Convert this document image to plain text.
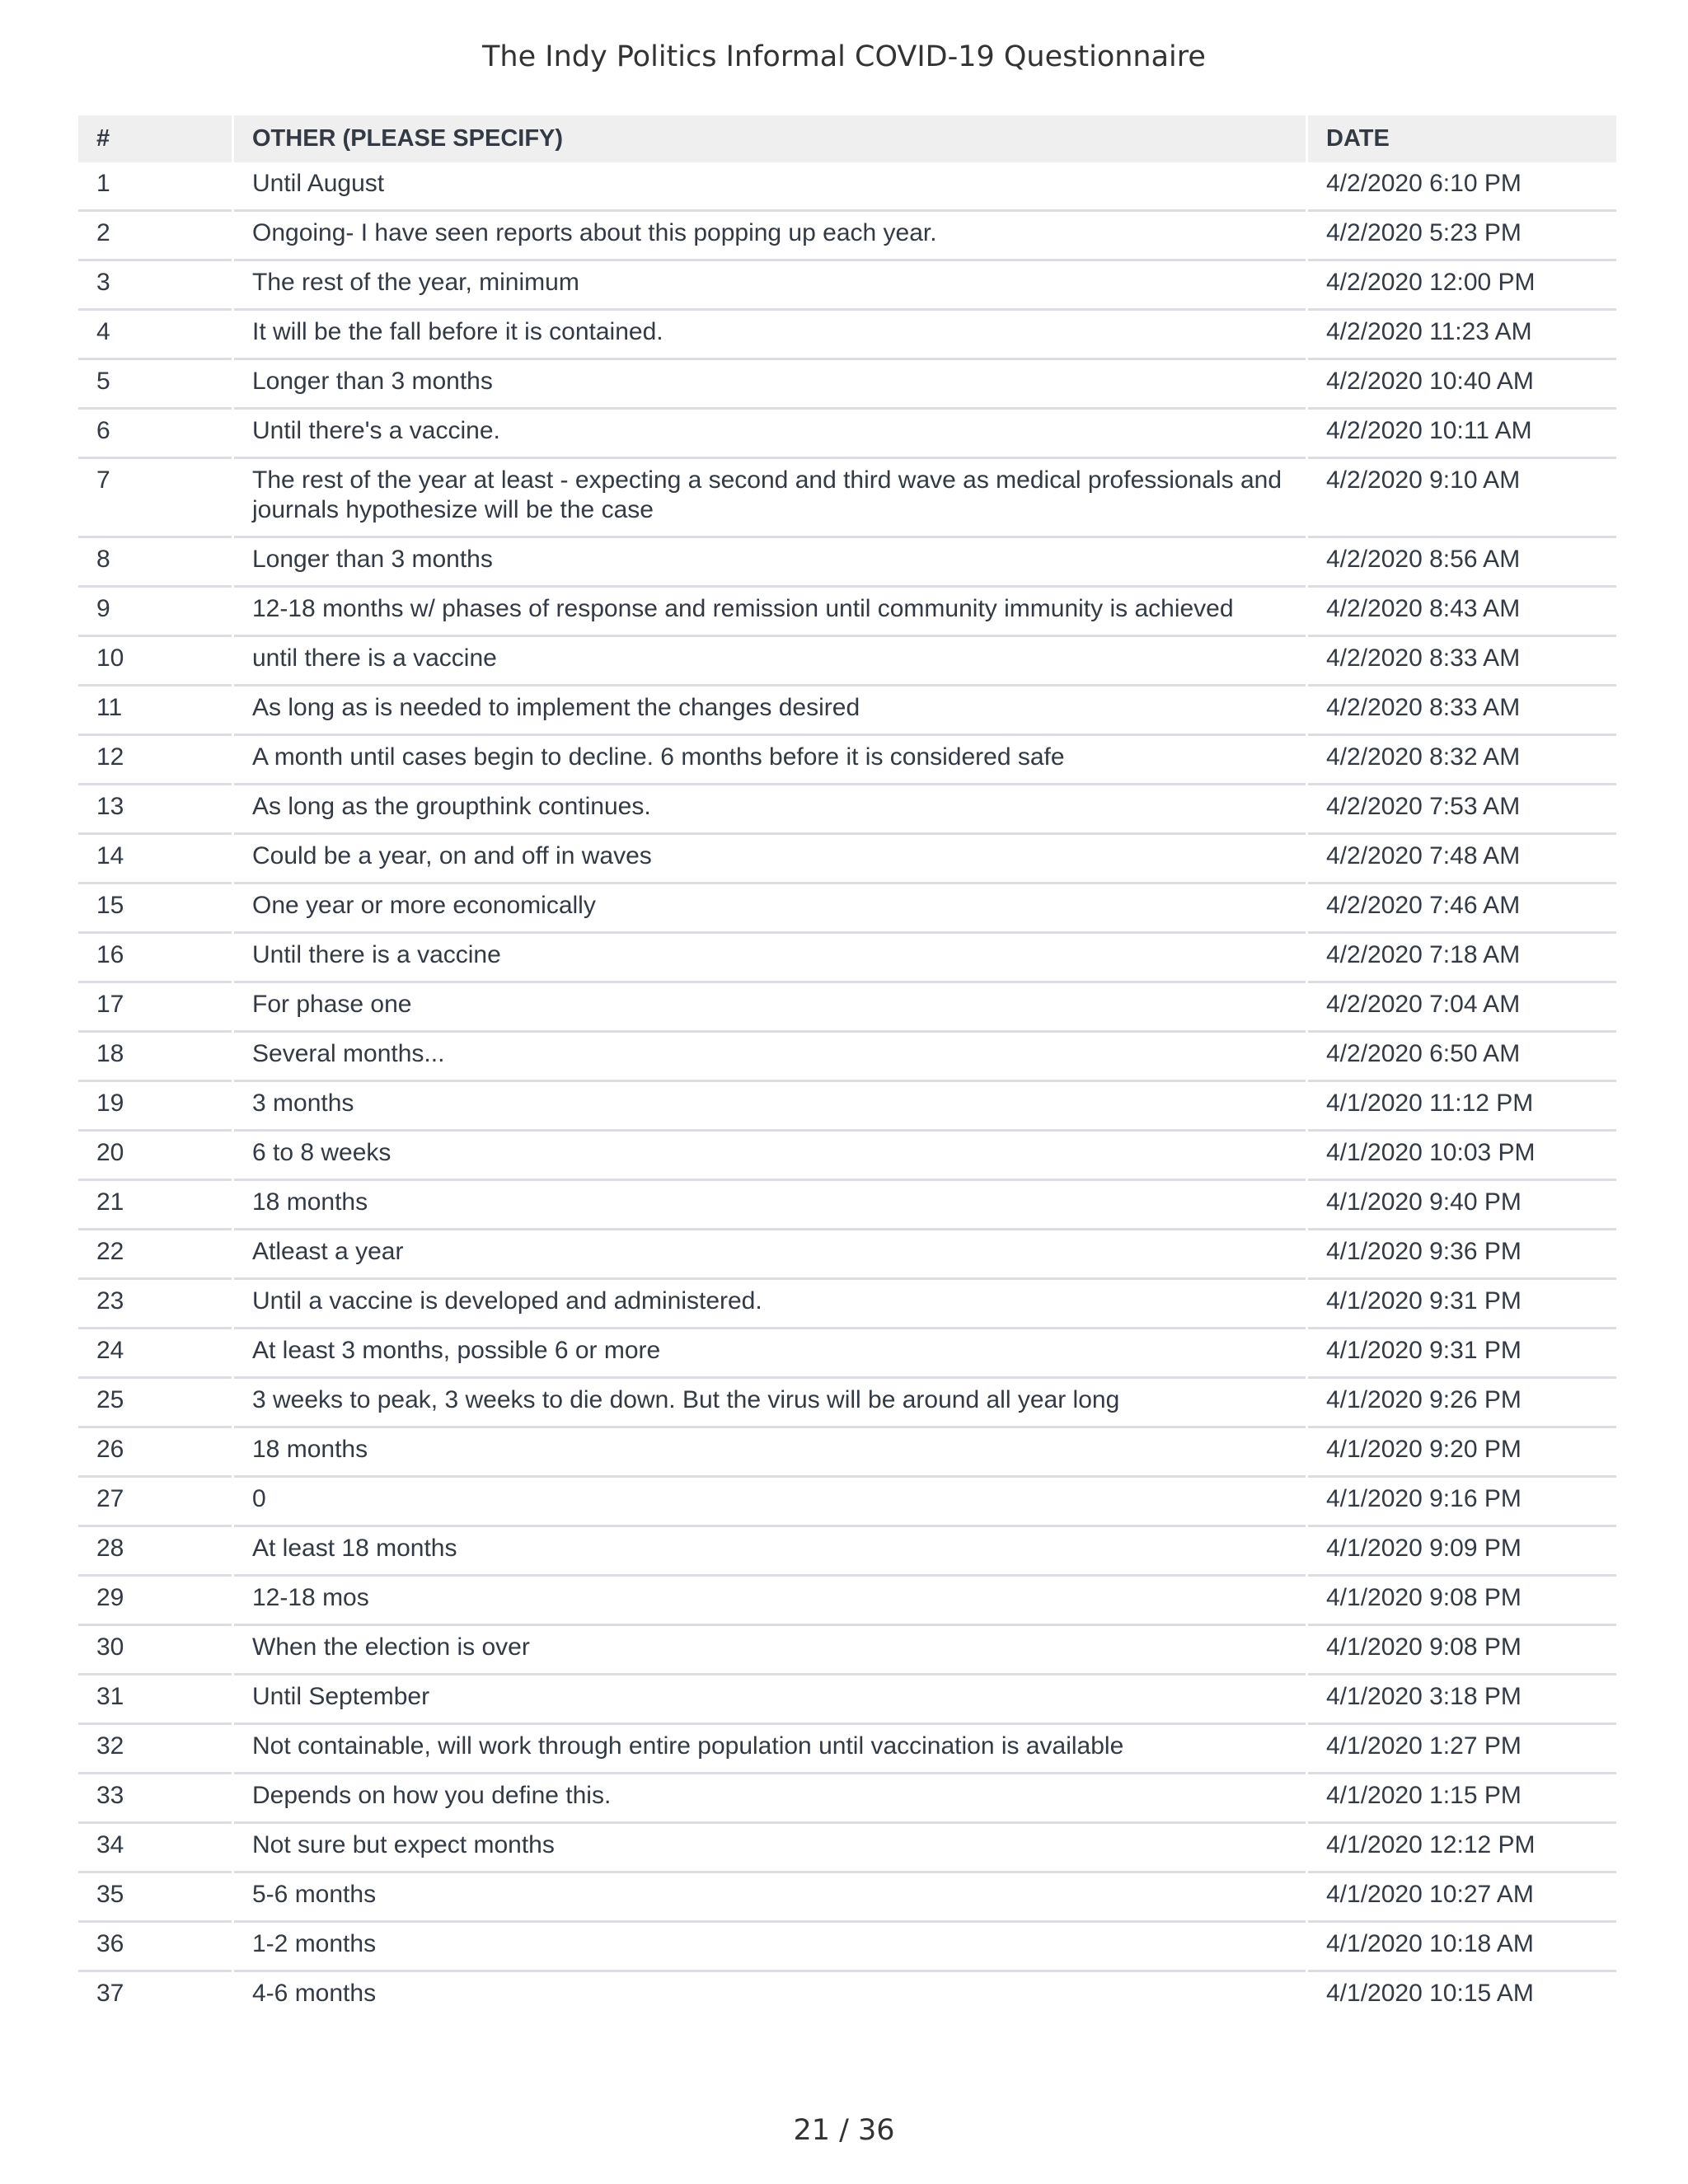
The Indy Politics Informal COVID-19 Questionnaire
#	OTHER (PLEASE SPECIFY)	DATE
1	Until August	4/2/2020 6:10 PM
2	Ongoing- I have seen reports about this popping up each year.	4/2/2020 5:23 PM
3	The rest of the year, minimum	4/2/2020 12:00 PM
4	It will be the fall before it is contained.	4/2/2020 11:23 AM
5	Longer than 3 months	4/2/2020 10:40 AM
6	Until there's a vaccine.	4/2/2020 10:11 AM
7	The rest of the year at least - expecting a second and third wave as medical professionals and journals hypothesize will be the case	4/2/2020 9:10 AM
8	Longer than 3 months	4/2/2020 8:56 AM
9	12-18 months w/ phases of response and remission until community immunity is achieved	4/2/2020 8:43 AM
10	until there is a vaccine	4/2/2020 8:33 AM
11	As long as is needed to implement the changes desired	4/2/2020 8:33 AM
12	A month until cases begin to decline. 6 months before it is considered safe	4/2/2020 8:32 AM
13	As long as the groupthink continues.	4/2/2020 7:53 AM
14	Could be a year, on and off in waves	4/2/2020 7:48 AM
15	One year or more economically	4/2/2020 7:46 AM
16	Until there is a vaccine	4/2/2020 7:18 AM
17	For phase one	4/2/2020 7:04 AM
18	Several months...	4/2/2020 6:50 AM
19	3 months	4/1/2020 11:12 PM
20	6 to 8 weeks	4/1/2020 10:03 PM
21	18 months	4/1/2020 9:40 PM
22	Atleast a year	4/1/2020 9:36 PM
23	Until a vaccine is developed and administered.	4/1/2020 9:31 PM
24	At least 3 months, possible 6 or more	4/1/2020 9:31 PM
25	3 weeks to peak, 3 weeks to die down. But the virus will be around all year long	4/1/2020 9:26 PM
26	18 months	4/1/2020 9:20 PM
27	0	4/1/2020 9:16 PM
28	At least 18 months	4/1/2020 9:09 PM
29	12-18 mos	4/1/2020 9:08 PM
30	When the election is over	4/1/2020 9:08 PM
31	Until September	4/1/2020 3:18 PM
32	Not containable, will work through entire population until vaccination is available	4/1/2020 1:27 PM
33	Depends on how you define this.	4/1/2020 1:15 PM
34	Not sure but expect months	4/1/2020 12:12 PM
35	5-6 months	4/1/2020 10:27 AM
36	1-2 months	4/1/2020 10:18 AM
37	4-6 months	4/1/2020 10:15 AM
21 / 36
